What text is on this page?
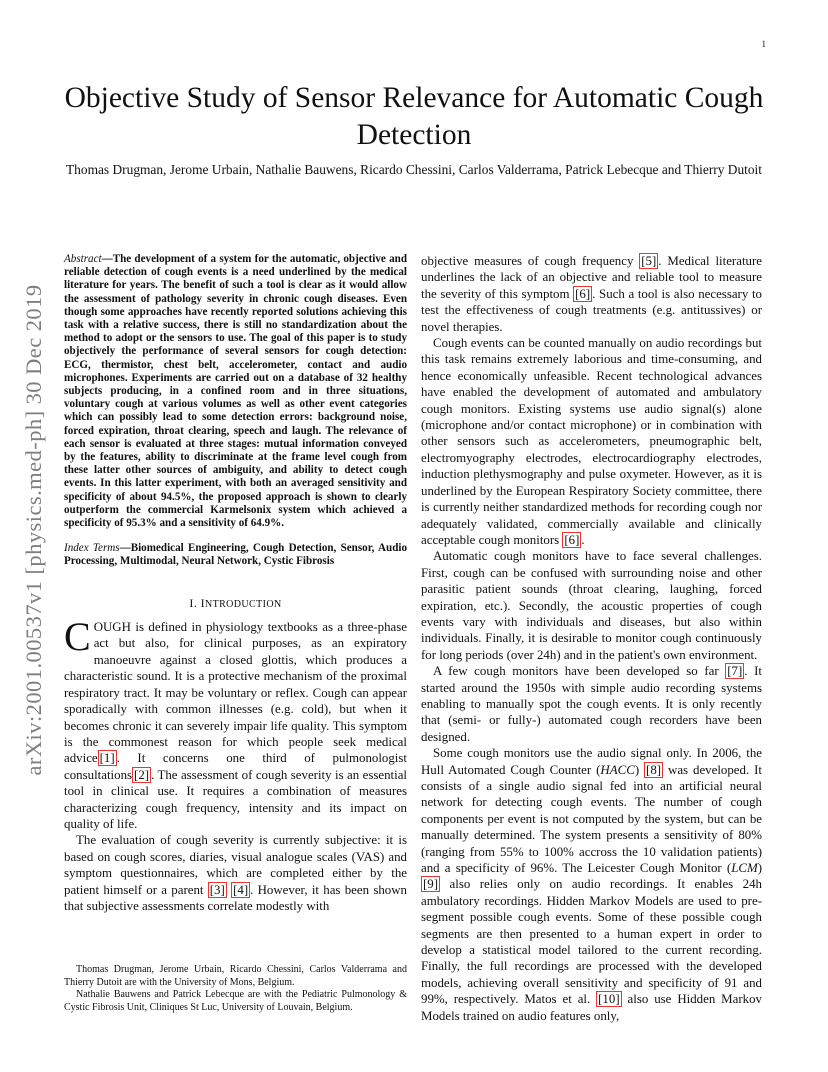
1
Objective Study of Sensor Relevance for Automatic Cough Detection
Thomas Drugman, Jerome Urbain, Nathalie Bauwens, Ricardo Chessini, Carlos Valderrama, Patrick Lebecque and Thierry Dutoit
arXiv:2001.00537v1 [physics.med-ph] 30 Dec 2019

Abstract—The development of a system for the automatic, objective and reliable detection of cough events is a need underlined by the medical literature for years. The benefit of such a tool is clear as it would allow the assessment of pathology severity in chronic cough diseases. Even though some approaches have recently reported solutions achieving this task with a relative success, there is still no standardization about the method to adopt or the sensors to use. The goal of this paper is to study objectively the performance of several sensors for cough detection: ECG, thermistor, chest belt, accelerometer, contact and audio microphones. Experiments are carried out on a database of 32 healthy subjects producing, in a confined room and in three situations, voluntary cough at various volumes as well as other event categories which can possibly lead to some detection errors: background noise, forced expiration, throat clearing, speech and laugh. The relevance of each sensor is evaluated at three stages: mutual information conveyed by the features, ability to discriminate at the frame level cough from these latter other sources of ambiguity, and ability to detect cough events. In this latter experiment, with both an averaged sensitivity and specificity of about 94.5%, the proposed approach is shown to clearly outperform the commercial Karmelsonix system which achieved a specificity of 95.3% and a sensitivity of 64.9%.

Index Terms—Biomedical Engineering, Cough Detection, Sensor, Audio Processing, Multimodal, Neural Network, Cystic Fibrosis

I. INTRODUCTION

COUGH is defined in physiology textbooks as a three-phase act but also, for clinical purposes, as an expiratory manoeuvre against a closed glottis, which produces a characteristic sound. It is a protective mechanism of the proximal respiratory tract. It may be voluntary or reflex. Cough can appear sporadically with common illnesses (e.g. cold), but when it becomes chronic it can severely impair life quality. This symptom is the commonest reason for which people seek medical advice [1] . It concerns one third of pulmonologist consultations [2] . The assessment of cough severity is an essential tool in clinical use. It requires a combination of measures characterizing cough frequency, intensity and its impact on quality of life.

The evaluation of cough severity is currently subjective: it is based on cough scores, diaries, visual analogue scales (VAS) and symptom questionnaires, which are completed either by the patient himself or a parent [3] [4] . However, it has been shown that subjective assessments correlate modestly with

Thomas Drugman, Jerome Urbain, Ricardo Chessini, Carlos Valderrama and Thierry Dutoit are with the University of Mons, Belgium.

Nathalie Bauwens and Patrick Lebecque are with the Pediatric Pulmonology & Cystic Fibrosis Unit, Cliniques St Luc, University of Louvain, Belgium.

objective measures of cough frequency [5] . Medical literature underlines the lack of an objective and reliable tool to measure the severity of this symptom [6] . Such a tool is also necessary to test the effectiveness of cough treatments (e.g. antitussives) or novel therapies.

Cough events can be counted manually on audio recordings but this task remains extremely laborious and time-consuming, and hence economically unfeasible. Recent technological advances have enabled the development of automated and ambulatory cough monitors. Existing systems use audio signal(s) alone (microphone and/or contact microphone) or in combination with other sensors such as accelerometers, pneumographic belt, electromyography electrodes, electrocardiography electrodes, induction plethysmography and pulse oxymeter. However, as it is underlined by the European Respiratory Society committee, there is currently neither standardized methods for recording cough nor adequately validated, commercially available and clinically acceptable cough monitors [6] .

Automatic cough monitors have to face several challenges. First, cough can be confused with surrounding noise and other parasitic patient sounds (throat clearing, laughing, forced expiration, etc.). Secondly, the acoustic properties of cough events vary with individuals and diseases, but also within individuals. Finally, it is desirable to monitor cough continuously for long periods (over 24h) and in the patient's own environment.

A few cough monitors have been developed so far [7] . It started around the 1950s with simple audio recording systems enabling to manually spot the cough events. It is only recently that (semi- or fully-) automated cough recorders have been designed.

Some cough monitors use the audio signal only. In 2006, the Hull Automated Cough Counter (HACC) [8] was developed. It consists of a single audio signal fed into an artificial neural network for detecting cough events. The number of cough components per event is not computed by the system, but can be manually determined. The system presents a sensitivity of 80% (ranging from 55% to 100% accross the 10 validation patients) and a specificity of 96%. The Leicester Cough Monitor (LCM) [9] also relies only on audio recordings. It enables 24h ambulatory recordings. Hidden Markov Models are used to pre-segment possible cough events. Some of these possible cough segments are then presented to a human expert in order to develop a statistical model tailored to the current recording. Finally, the full recordings are processed with the developed models, achieving overall sensitivity and specificity of 91 and 99%, respectively. Matos et al. [10] also use Hidden Markov Models trained on audio features only,
